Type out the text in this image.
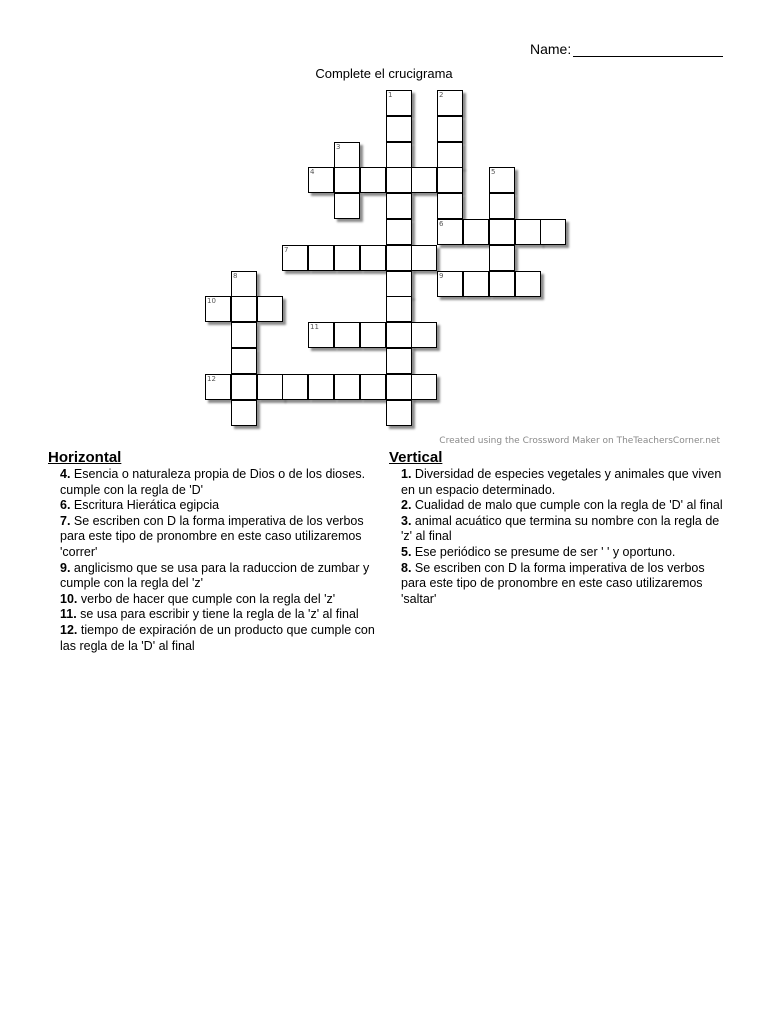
Name:
Complete el crucigrama
1	2
3
4	5
6
7
8	9
10
11
12
Created using the Crossword Maker on TheTeachersCorner.net
Horizontal
4. Esencia o naturaleza propia de Dios o de los dioses. cumple con la regla de 'D'
6. Escritura Hierática egipcia
7. Se escriben con D la forma imperativa de los verbos para este tipo de pronombre en este caso utilizaremos 'correr'
9. anglicismo que se usa para la raduccion de zumbar y cumple con la regla del 'z'
10. verbo de hacer que cumple con la regla del 'z'
11. se usa para escribir y tiene la regla de la 'z' al final
12. tiempo de expiración de un producto que cumple con las regla de la 'D' al final
Vertical
1. Diversidad de especies vegetales y animales que viven en un espacio determinado.
2. Cualidad de malo que cumple con la regla de 'D' al final
3. animal acuático que termina su nombre con la regla de 'z' al final
5. Ese periódico se presume de ser ' ' y oportuno.
8. Se escriben con D la forma imperativa de los verbos para este tipo de pronombre en este caso utilizaremos 'saltar'
